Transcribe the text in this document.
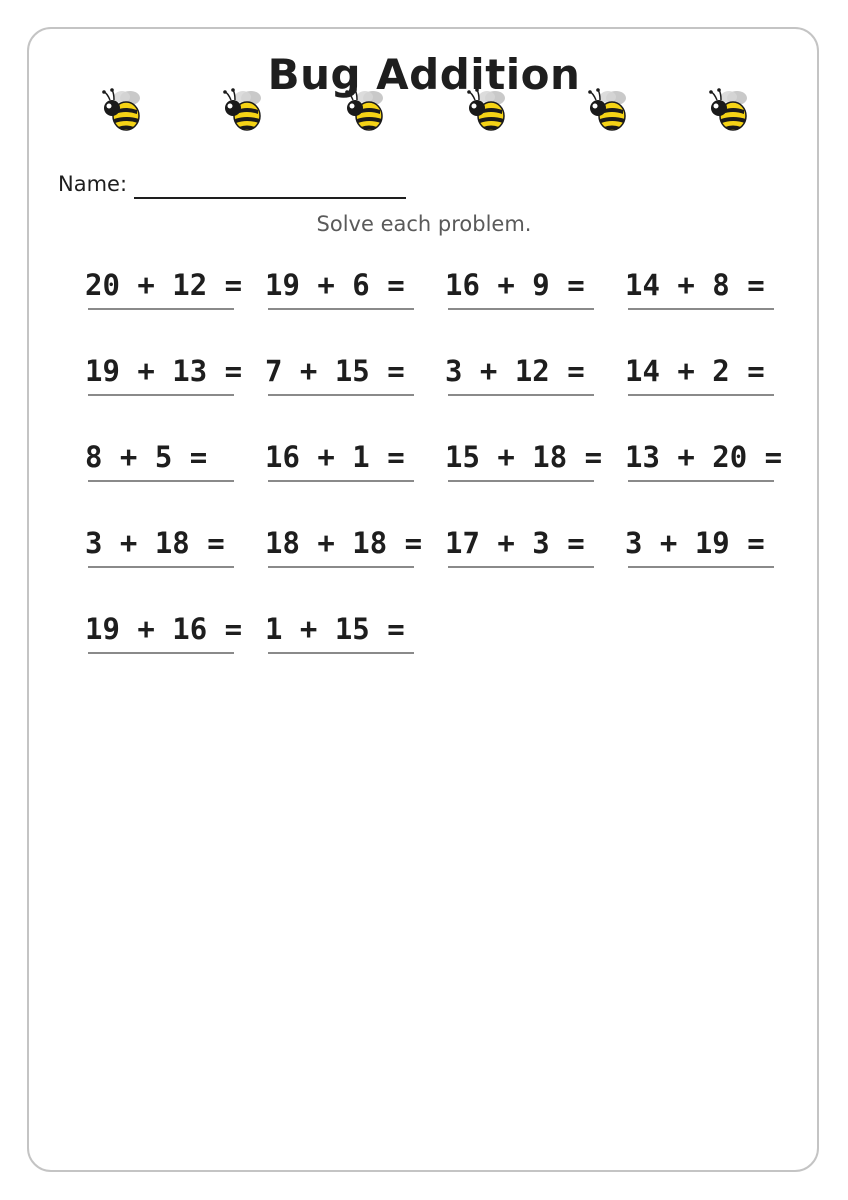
Bug Addition
Name:
Solve each problem.
20 + 12 = 19 + 6 = 16 + 9 = 14 + 8 =
19 + 13 = 7 + 15 = 3 + 12 = 14 + 2 =
8 + 5 = 16 + 1 = 15 + 18 = 13 + 20 =
3 + 18 = 18 + 18 = 17 + 3 = 3 + 19 =
19 + 16 = 1 + 15 =
